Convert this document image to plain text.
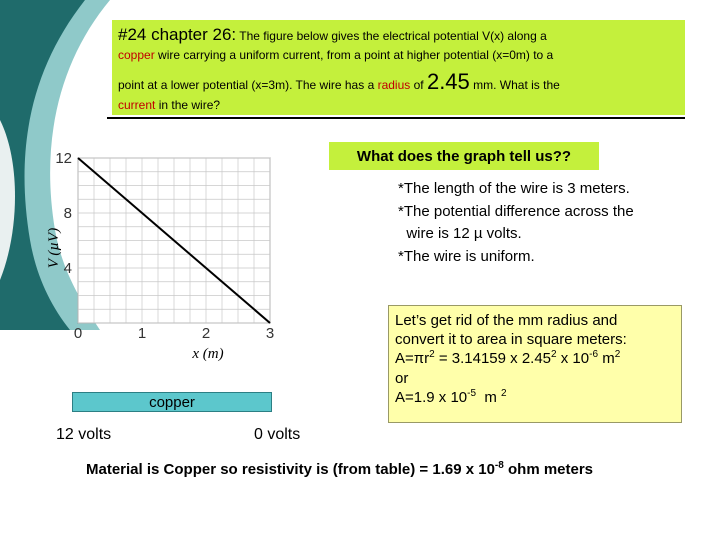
#24 chapter 26: The figure below gives the electrical potential V(x) along a
copper wire carrying a uniform current, from a point at higher potential (x=0m) to a
point at a lower potential (x=3m). The wire has a radius of 2.45 mm. What is the
current in the wire?
What does the graph tell us??
*The length of the wire is 3 meters.
*The potential difference across the
wire is 12 µ volts.
*The wire is uniform.
V (µV)
x (m)
0	1	2	3
12
8
4
copper
12 volts	0 volts
Let’s get rid of the mm radius and
convert it to area in square meters:
$A=\pi r^2 = 3.14159$ x 2.45$^2$ x $10^{-6}$ $m^2$
or
A=1.9 x $10^{-5}$  m $^2$
Material is Copper so resistivity is (from table) = 1.69 x $10^{-8}$ ohm meters
